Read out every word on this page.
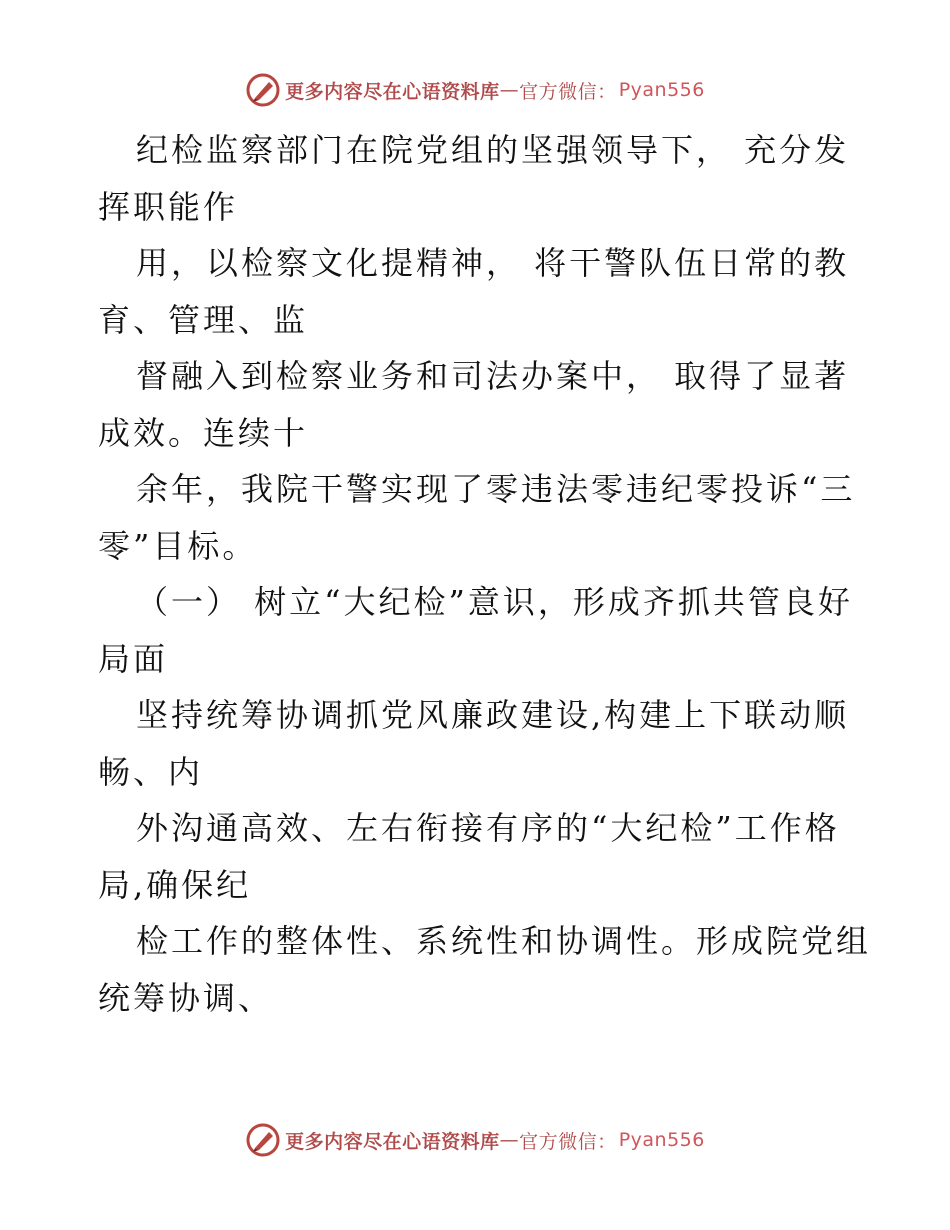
更多内容尽在心语资料库 — 官方微信： Pyan556
纪检监察部门在院党组的坚强领导下， 充分发
挥职能作
用，以检察文化提精神， 将干警队伍日常的教
育、管理、监
督融入到检察业务和司法办案中， 取得了显著
成效。连续十
余年，我院干警实现了零违法零违纪零投诉“三
零”目标。
（一） 树立“大纪检”意识，形成齐抓共管良好
局面
坚持统筹协调抓党风廉政建设,构建上下联动顺
畅、内
外沟通高效、左右衔接有序的“大纪检”工作格
局,确保纪
检工作的整体性、系统性和协调性。形成院党组
统筹协调、
更多内容尽在心语资料库 — 官方微信： Pyan556
